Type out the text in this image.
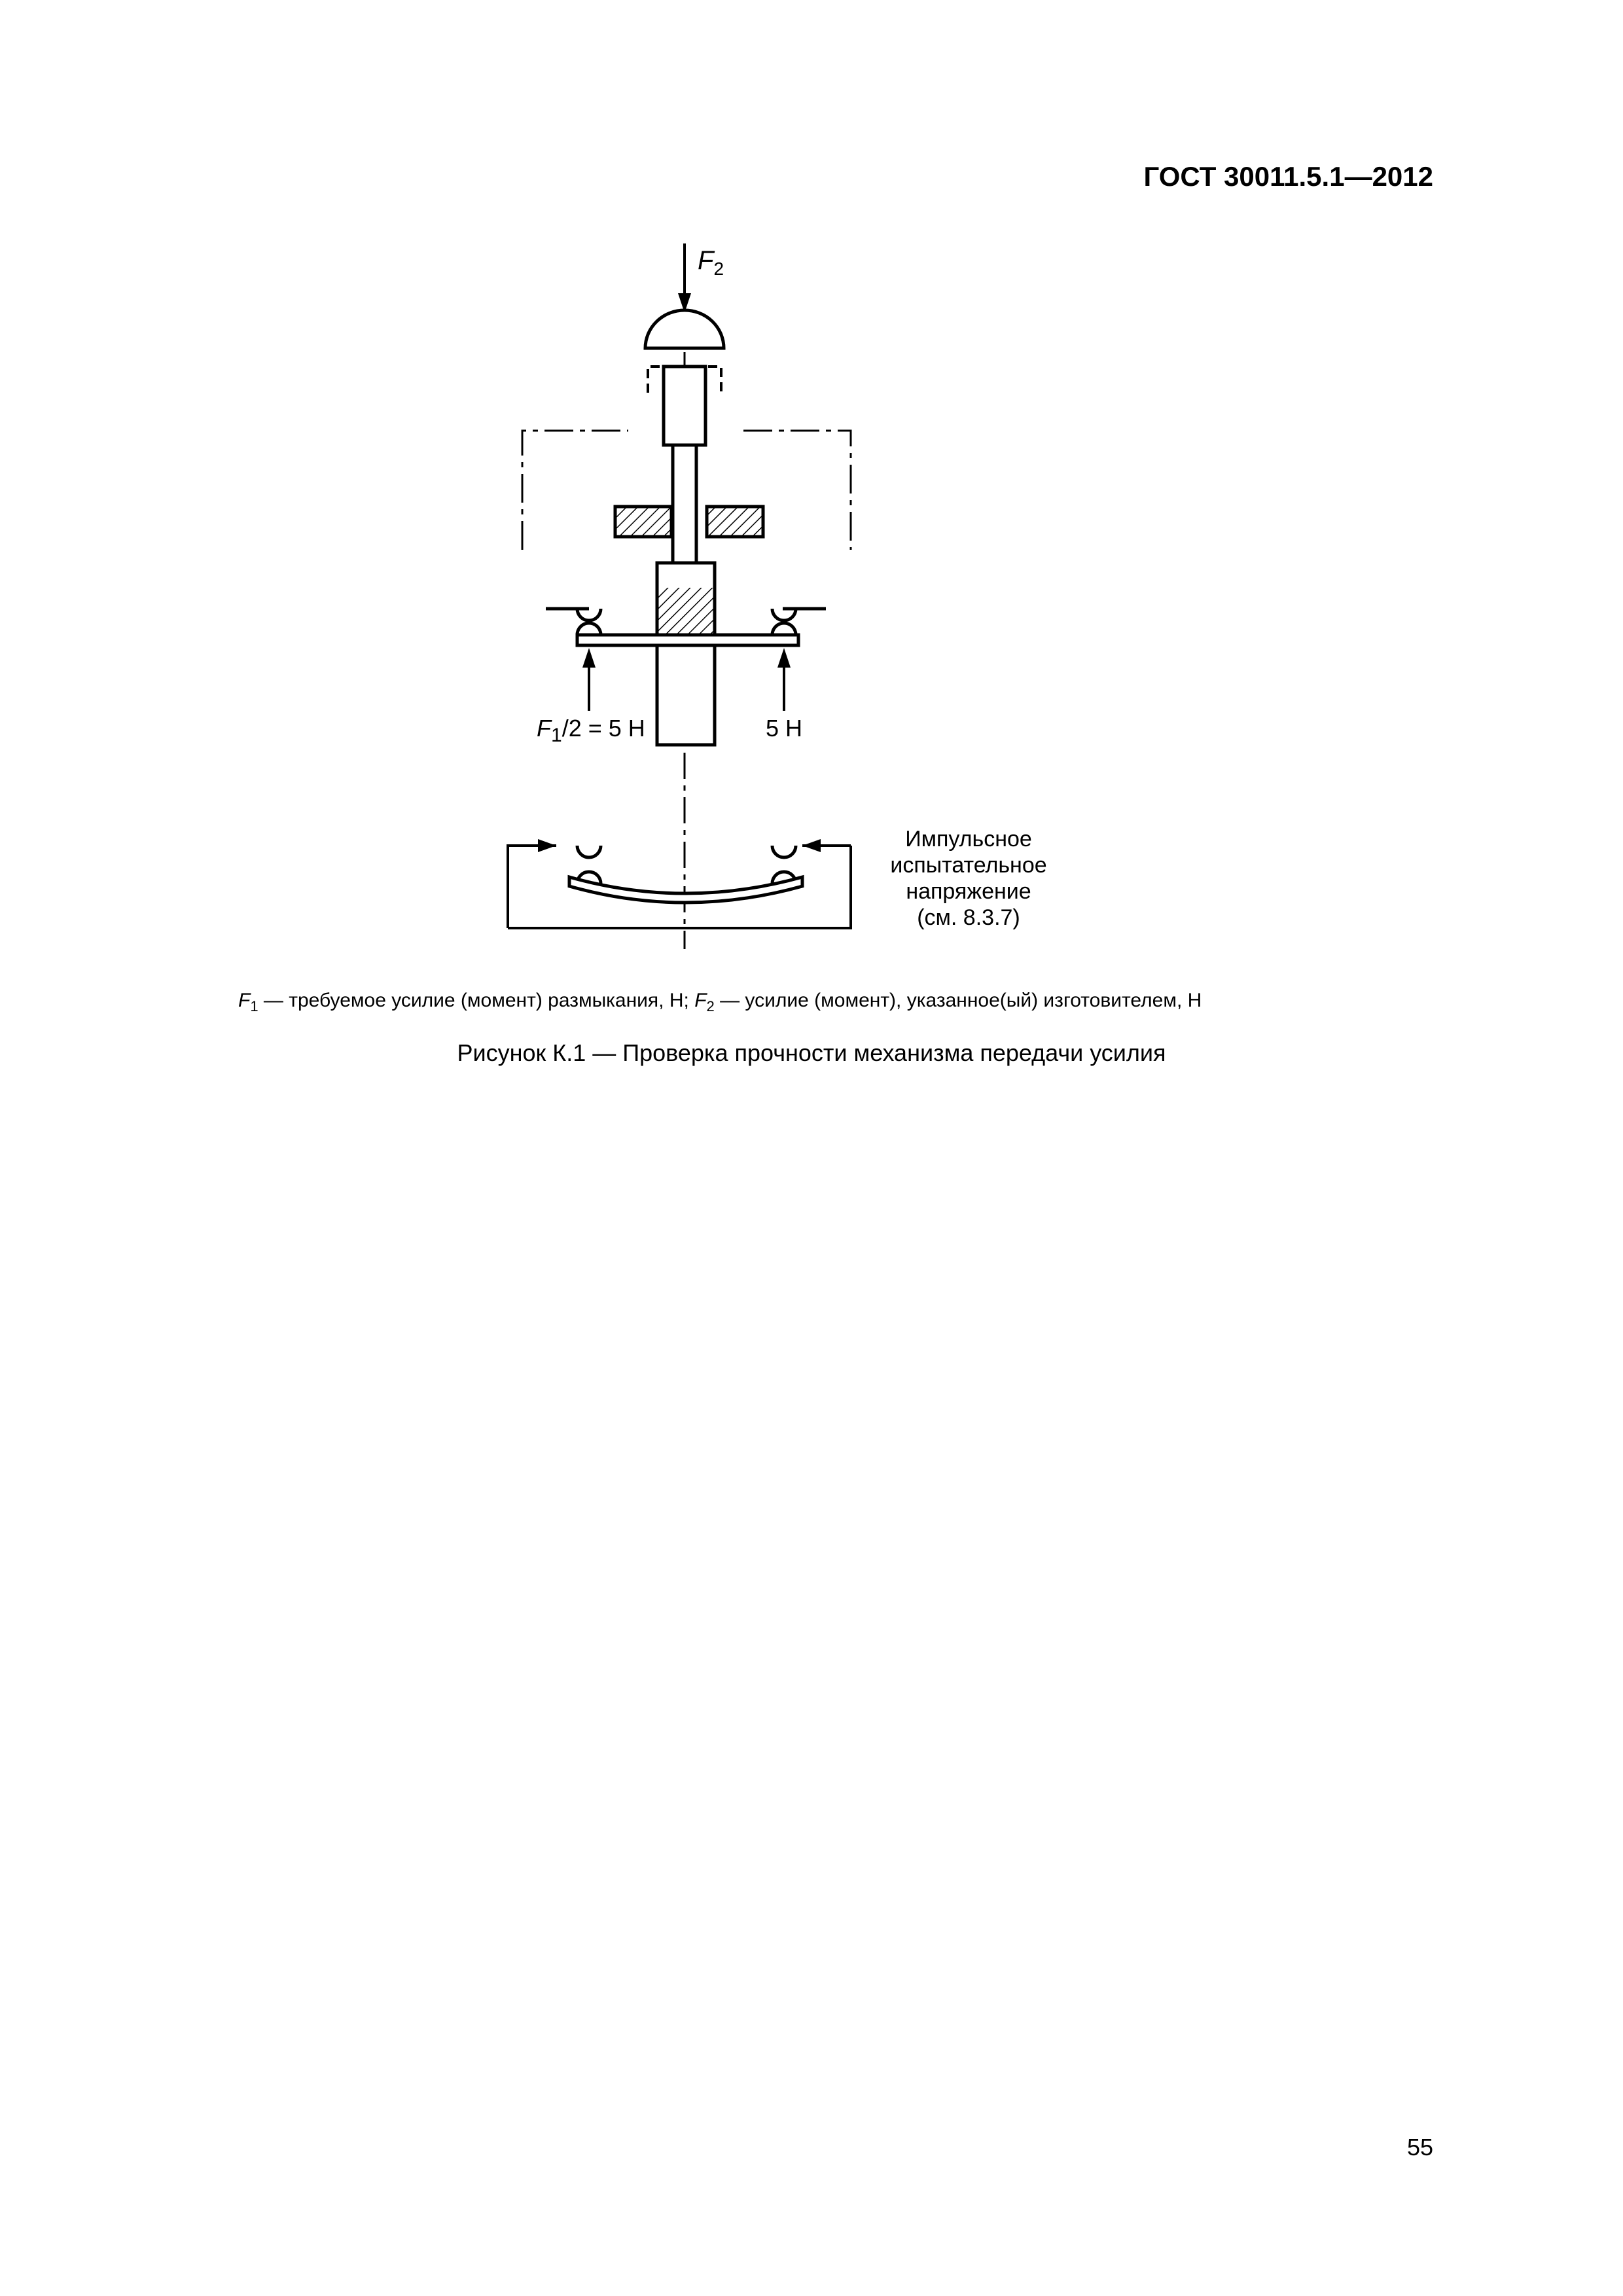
ГОСТ 30011.5.1—2012
$F_2$
$F_1/2 = 5$ Н	5 Н
Импульсное
испытательное
напряжение
(см. 8.3.7)
$F_1$ — требуемое усилие (момент) размыкания, Н; $F_2$ — усилие (момент), указанное(ый) изготовителем, Н
Рисунок К.1 — Проверка прочности механизма передачи усилия
55
